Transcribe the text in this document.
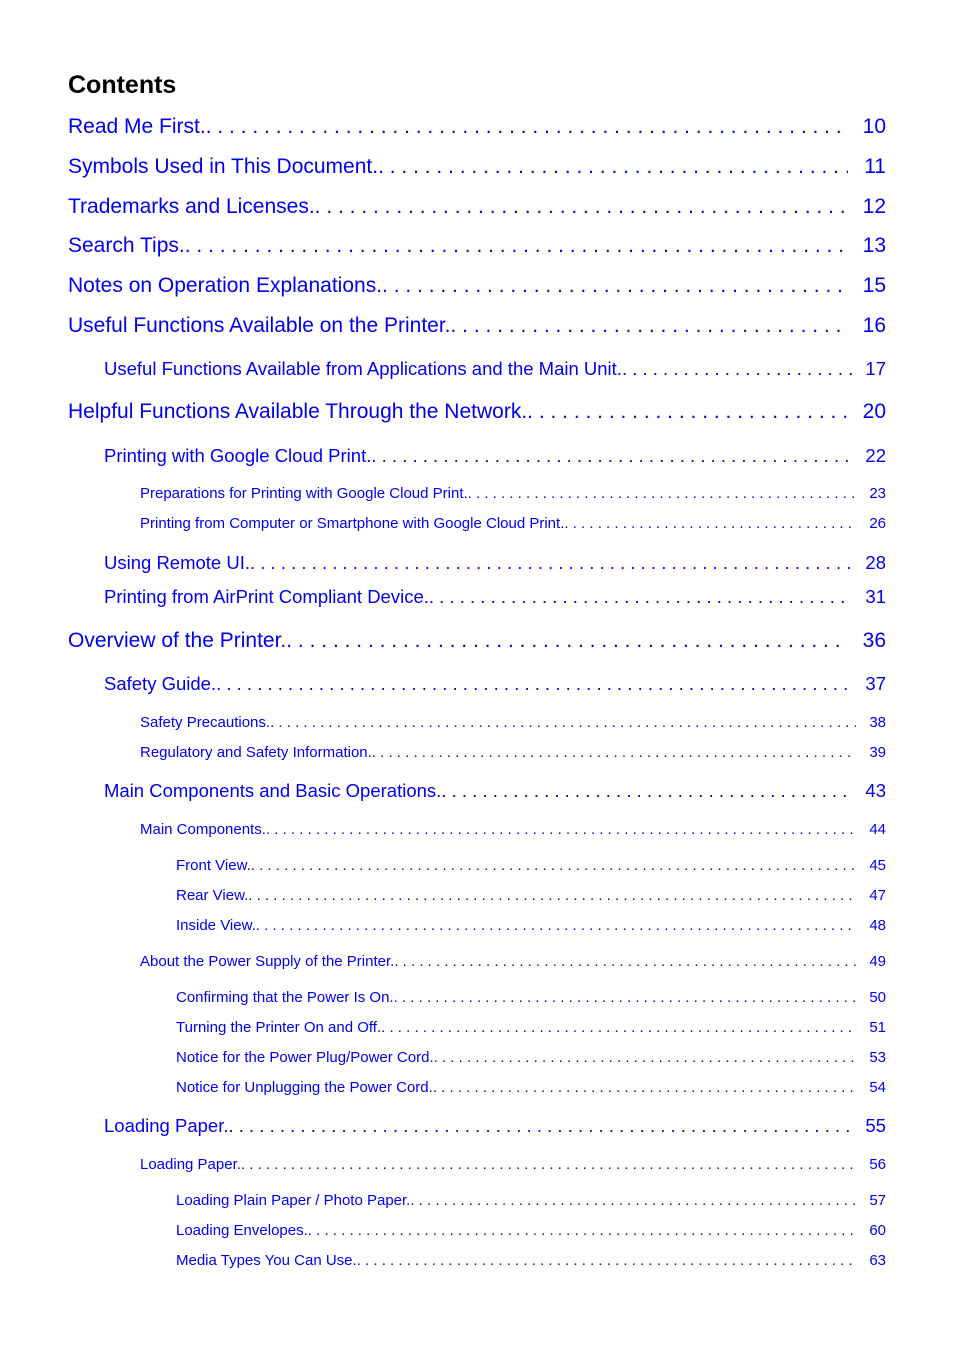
Contents
Read Me First. . . .	10
Symbols Used in This Document. . . .	11
Trademarks and Licenses. . . .	12
Search Tips. . . .	13
Notes on Operation Explanations. . . .	15
Useful Functions Available on the Printer. . . .	16
Useful Functions Available from Applications and the Main Unit. . . .	17
Helpful Functions Available Through the Network. . . .	20
Printing with Google Cloud Print. . . .	22
Preparations for Printing with Google Cloud Print. . . .	23
Printing from Computer or Smartphone with Google Cloud Print. . . .	26
Using Remote UI. . . .	28
Printing from AirPrint Compliant Device. . . .	31
Overview of the Printer. . . .	36
Safety Guide. . . .	37
Safety Precautions. . . .	38
Regulatory and Safety Information. . . .	39
Main Components and Basic Operations. . . .	43
Main Components. . . .	44
Front View. . . .	45
Rear View. . . .	47
Inside View. . . .	48
About the Power Supply of the Printer. . . .	49
Confirming that the Power Is On. . . .	50
Turning the Printer On and Off. . . .	51
Notice for the Power Plug/Power Cord. . . .	53
Notice for Unplugging the Power Cord. . . .	54
Loading Paper. . . .	55
Loading Paper. . . .	56
Loading Plain Paper / Photo Paper. . . .	57
Loading Envelopes. . . .	60
Media Types You Can Use. . . .	63
